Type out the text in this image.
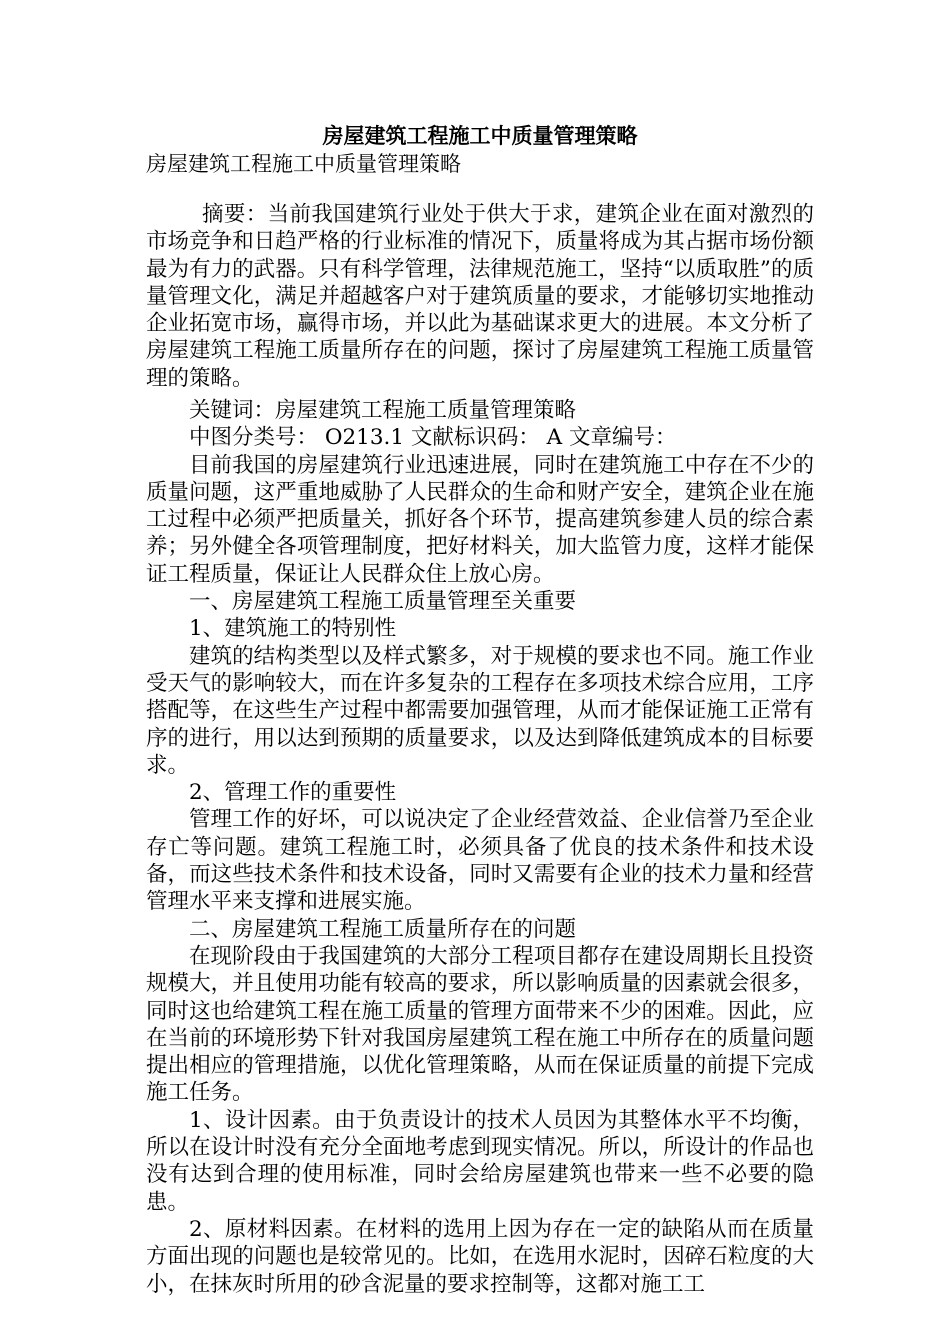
房屋建筑工程施工中质量管理策略
房屋建筑工程施工中质量管理策略
摘要：当前我国建筑行业处于供大于求，建筑企业在面对激烈的市场竞争和日趋严格的行业标准的情况下，质量将成为其占据市场份额最为有力的武器。只有科学管理，法律规范施工，坚持“以质取胜”的质量管理文化，满足并超越客户对于建筑质量的要求，才能够切实地推动企业拓宽市场，赢得市场，并以此为基础谋求更大的进展。本文分析了房屋建筑工程施工质量所存在的问题，探讨了房屋建筑工程施工质量管理的策略。

关键词：房屋建筑工程施工质量管理策略

中图分类号： O213.1 文献标识码： A 文章编号：

目前我国的房屋建筑行业迅速进展，同时在建筑施工中存在不少的质量问题，这严重地威胁了人民群众的生命和财产安全，建筑企业在施工过程中必须严把质量关，抓好各个环节，提高建筑参建人员的综合素养；另外健全各项管理制度，把好材料关，加大监管力度，这样才能保证工程质量，保证让人民群众住上放心房。

一、房屋建筑工程施工质量管理至关重要

1、建筑施工的特别性

建筑的结构类型以及样式繁多，对于规模的要求也不同。施工作业受天气的影响较大，而在许多复杂的工程存在多项技术综合应用，工序搭配等，在这些生产过程中都需要加强管理，从而才能保证施工正常有序的进行，用以达到预期的质量要求，以及达到降低建筑成本的目标要求。

2、管理工作的重要性

管理工作的好坏，可以说决定了企业经营效益、企业信誉乃至企业存亡等问题。建筑工程施工时，必须具备了优良的技术条件和技术设备，而这些技术条件和技术设备，同时又需要有企业的技术力量和经营管理水平来支撑和进展实施。

二、房屋建筑工程施工质量所存在的问题

在现阶段由于我国建筑的大部分工程项目都存在建设周期长且投资规模大，并且使用功能有较高的要求，所以影响质量的因素就会很多，同时这也给建筑工程在施工质量的管理方面带来不少的困难。因此，应在当前的环境形势下针对我国房屋建筑工程在施工中所存在的质量问题提出相应的管理措施，以优化管理策略，从而在保证质量的前提下完成施工任务。

1、设计因素。由于负责设计的技术人员因为其整体水平不均衡，所以在设计时没有充分全面地考虑到现实情况。所以，所设计的作品也没有达到合理的使用标准，同时会给房屋建筑也带来一些不必要的隐患。

2、原材料因素。在材料的选用上因为存在一定的缺陷从而在质量方面出现的问题也是较常见的。比如，在选用水泥时，因碎石粒度的大小，在抹灰时所用的砂含泥量的要求控制等，这都对施工工
